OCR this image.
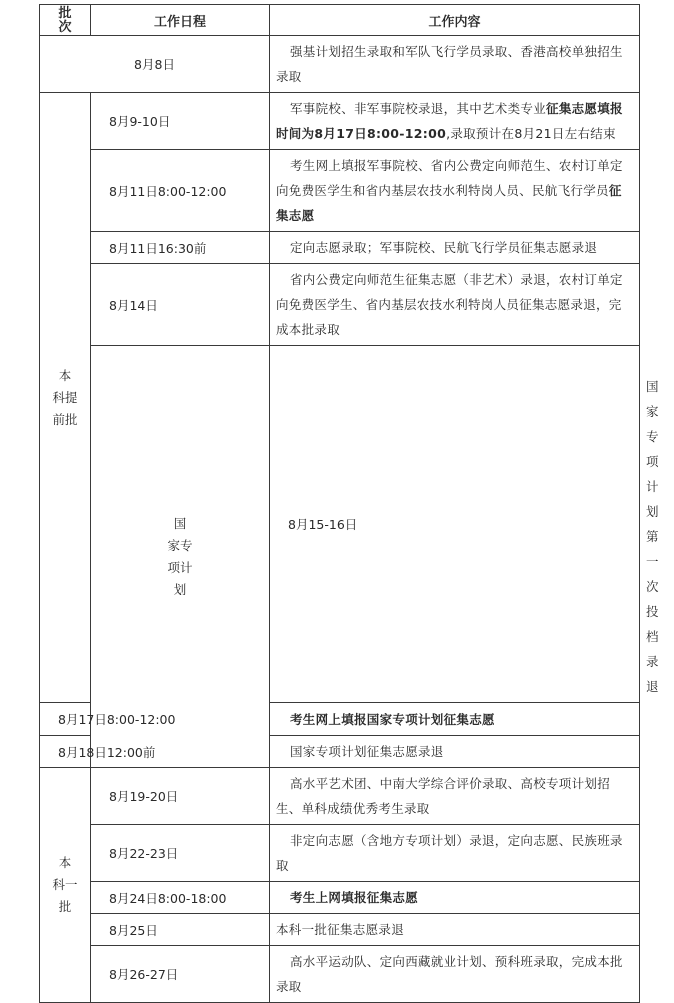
批
次	工作日程	工作内容	
8月8日		强基计划招生录取和军队飞行学员录取、香港高校单独招生录取	

本
科提
前批	8月9-10日	军事院校、非军事院校录退，其中艺术类专业征集志愿填报时间为8月17日8:00-12:00,录取预计在8月21日左右结束	
	8月11日8:00-12:00	考生网上填报军事院校、省内公费定向师范生、农村订单定向免费医学生和省内基层农技水利特岗人员、民航飞行学员征集志愿	
	8月11日16:30前	定向志愿录取；军事院校、民航飞行学员征集志愿录退	
	8月14日	省内公费定向师范生征集志愿（非艺术）录退，农村订单定向免费医学生、省内基层农技水利特岗人员征集志愿录退，完成本批录取	

	国
家专
项计
划	8月15-16日	国家专项计划第一次投档录退
8月17日8:00-12:00		考生网上填报国家专项计划征集志愿	
8月18日12:00前		国家专项计划征集志愿录退	

本
科一
批	8月19-20日	高水平艺术团、中南大学综合评价录取、高校专项计划招生、单科成绩优秀考生录取	
	8月22-23日	非定向志愿（含地方专项计划）录退，定向志愿、民族班录取	
	8月24日8:00-18:00	考生上网填报征集志愿	
	8月25日	本科一批征集志愿录退	
	8月26-27日	高水平运动队、定向西藏就业计划、预科班录取，完成本批录取	
